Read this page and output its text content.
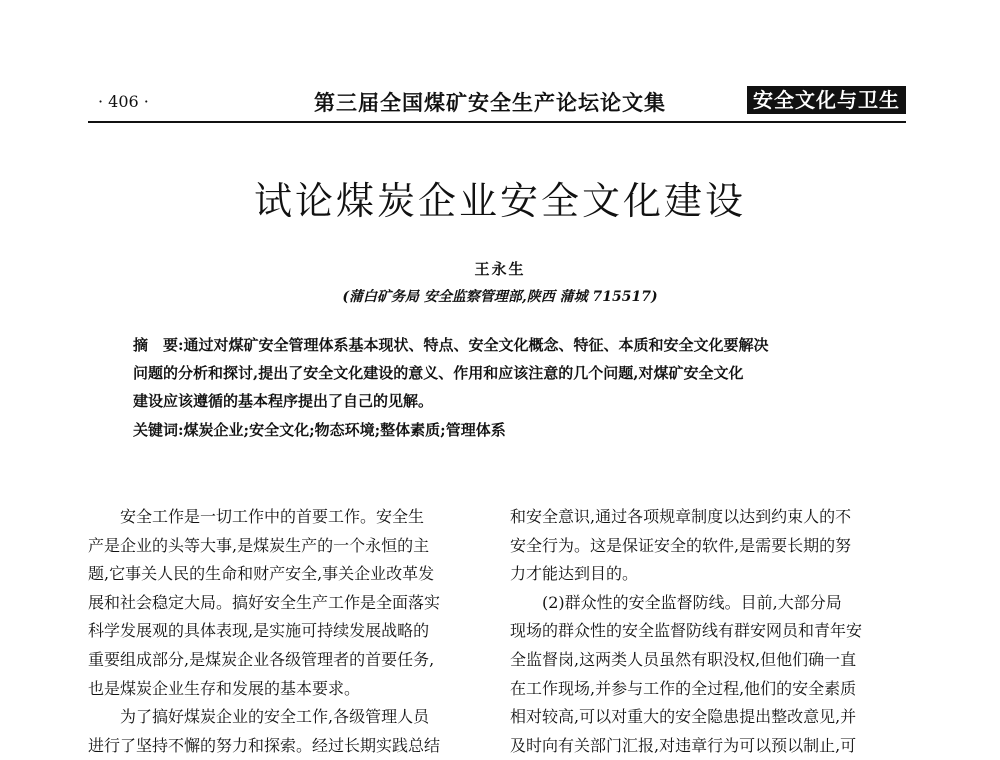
· 406 ·	第三届全国煤矿安全生产论坛论文集	安全文化与卫生
试论煤炭企业安全文化建设
王永生
(蒲白矿务局 安全监察管理部,陕西 蒲城 715517)
摘　要:通过对煤矿安全管理体系基本现状、特点、安全文化概念、特征、本质和安全文化要解决
问题的分析和探讨,提出了安全文化建设的意义、作用和应该注意的几个问题,对煤矿安全文化
建设应该遵循的基本程序提出了自己的见解。
关键词:煤炭企业;安全文化;物态环境;整体素质;管理体系
安全工作是一切工作中的首要工作。安全生
产是企业的头等大事,是煤炭生产的一个永恒的主
题,它事关人民的生命和财产安全,事关企业改革发
展和社会稳定大局。搞好安全生产工作是全面落实
科学发展观的具体表现,是实施可持续发展战略的
重要组成部分,是煤炭企业各级管理者的首要任务,
也是煤炭企业生存和发展的基本要求。
为了搞好煤炭企业的安全工作,各级管理人员
进行了坚持不懈的努力和探索。经过长期实践总结
和安全意识,通过各项规章制度以达到约束人的不
安全行为。这是保证安全的软件,是需要长期的努
力才能达到目的。
(2)群众性的安全监督防线。目前,大部分局
现场的群众性的安全监督防线有群安网员和青年安
全监督岗,这两类人员虽然有职没权,但他们确一直
在工作现场,并参与工作的全过程,他们的安全素质
相对较高,可以对重大的安全隐患提出整改意见,并
及时向有关部门汇报,对违章行为可以预以制止,可
